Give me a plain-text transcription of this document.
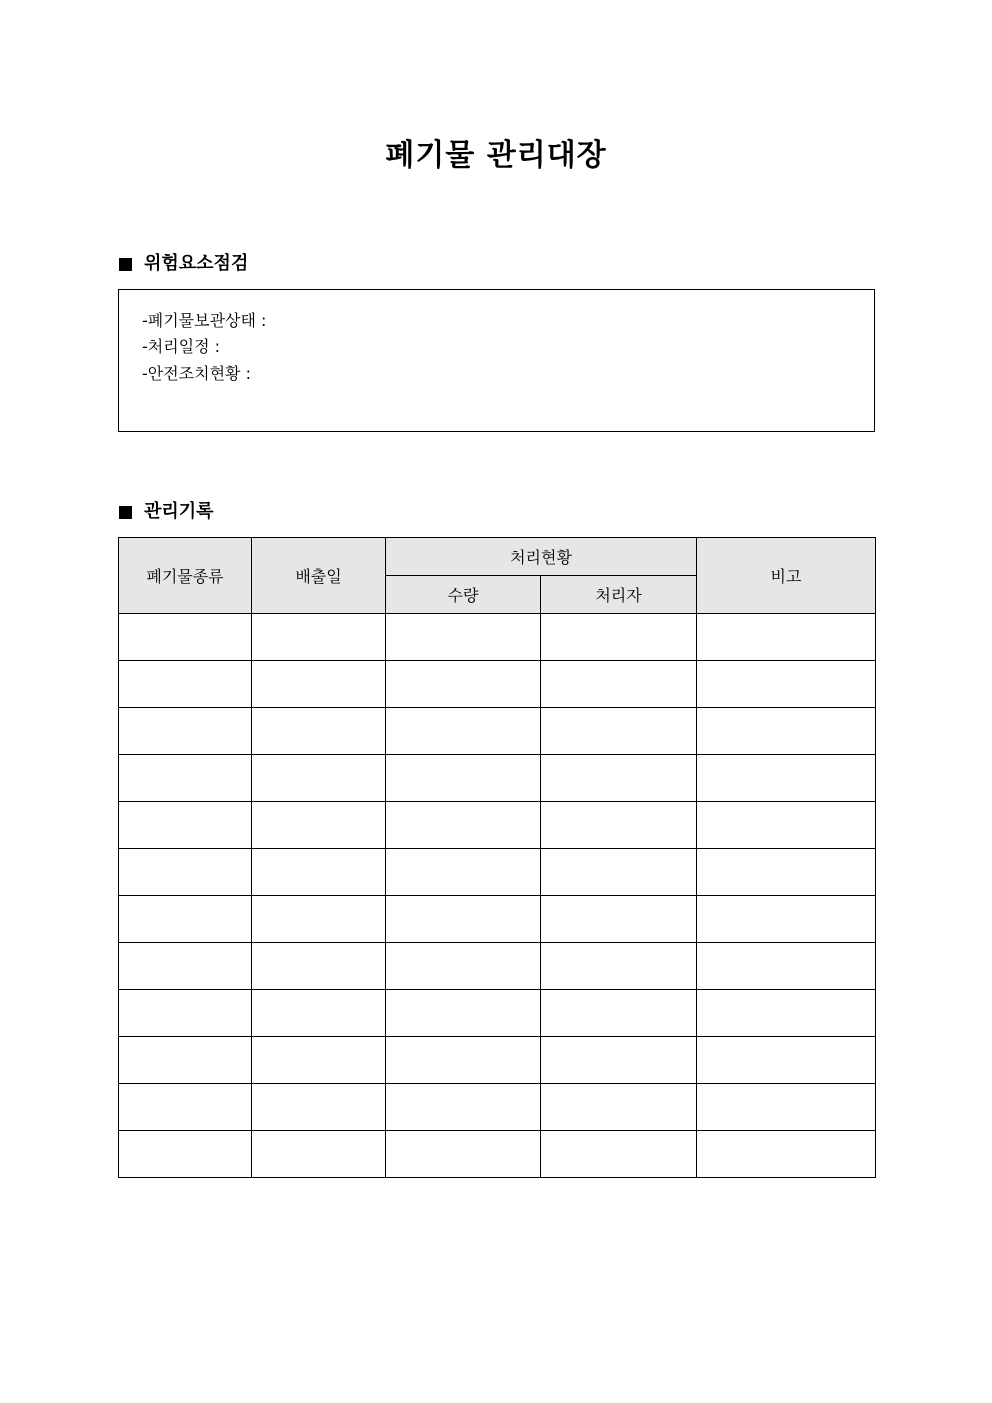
폐기물 관리대장
위험요소점검
-폐기물보관상태 :
-처리일정 :
-안전조치현황 :
관리기록
폐기물종류	배출일	처리현황		비고
		수량	처리자	
